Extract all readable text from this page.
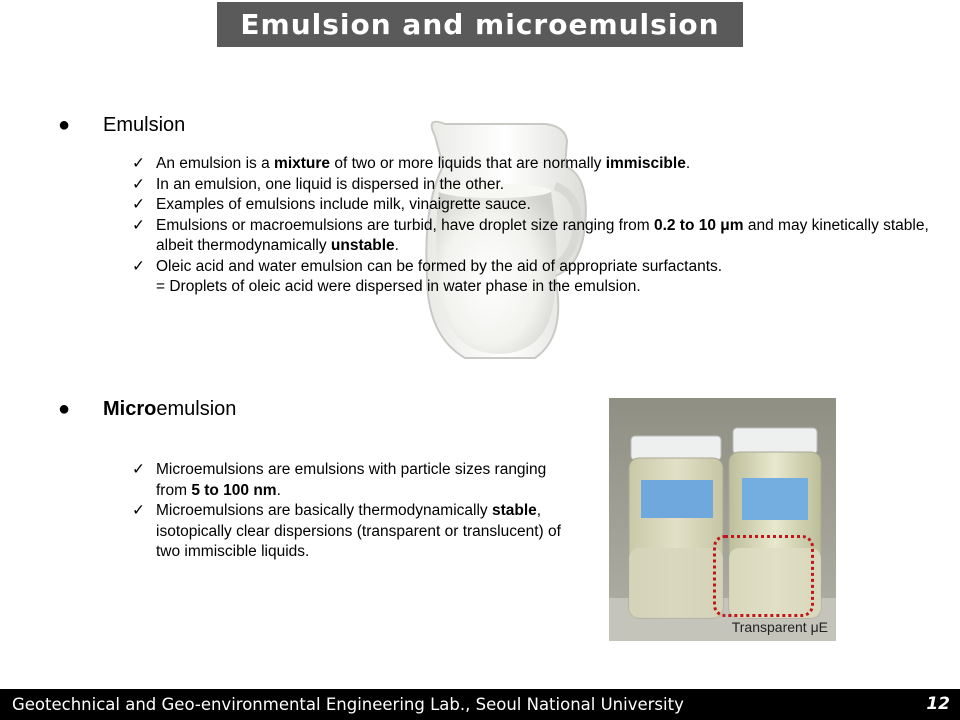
Emulsion and microemulsion
●	Emulsion
✓ An emulsion is a mixture of two or more liquids that are normally immiscible.
✓ In an emulsion, one liquid is dispersed in the other.
✓ Examples of emulsions include milk, vinaigrette sauce.
✓ Emulsions or macroemulsions are turbid, have droplet size ranging from 0.2 to 10 μm and may kinetically stable, albeit thermodynamically unstable.
✓ Oleic acid and water emulsion can be formed by the aid of appropriate surfactants.
= Droplets of oleic acid were dispersed in water phase in the emulsion.
●	Microemulsion
✓ Microemulsions are emulsions with particle sizes ranging from 5 to 100 nm.
✓ Microemulsions are basically thermodynamically stable, isotopically clear dispersions (transparent or translucent) of two immiscible liquids.
Transparent μE
Geotechnical and Geo-environmental Engineering Lab., Seoul National University	12
